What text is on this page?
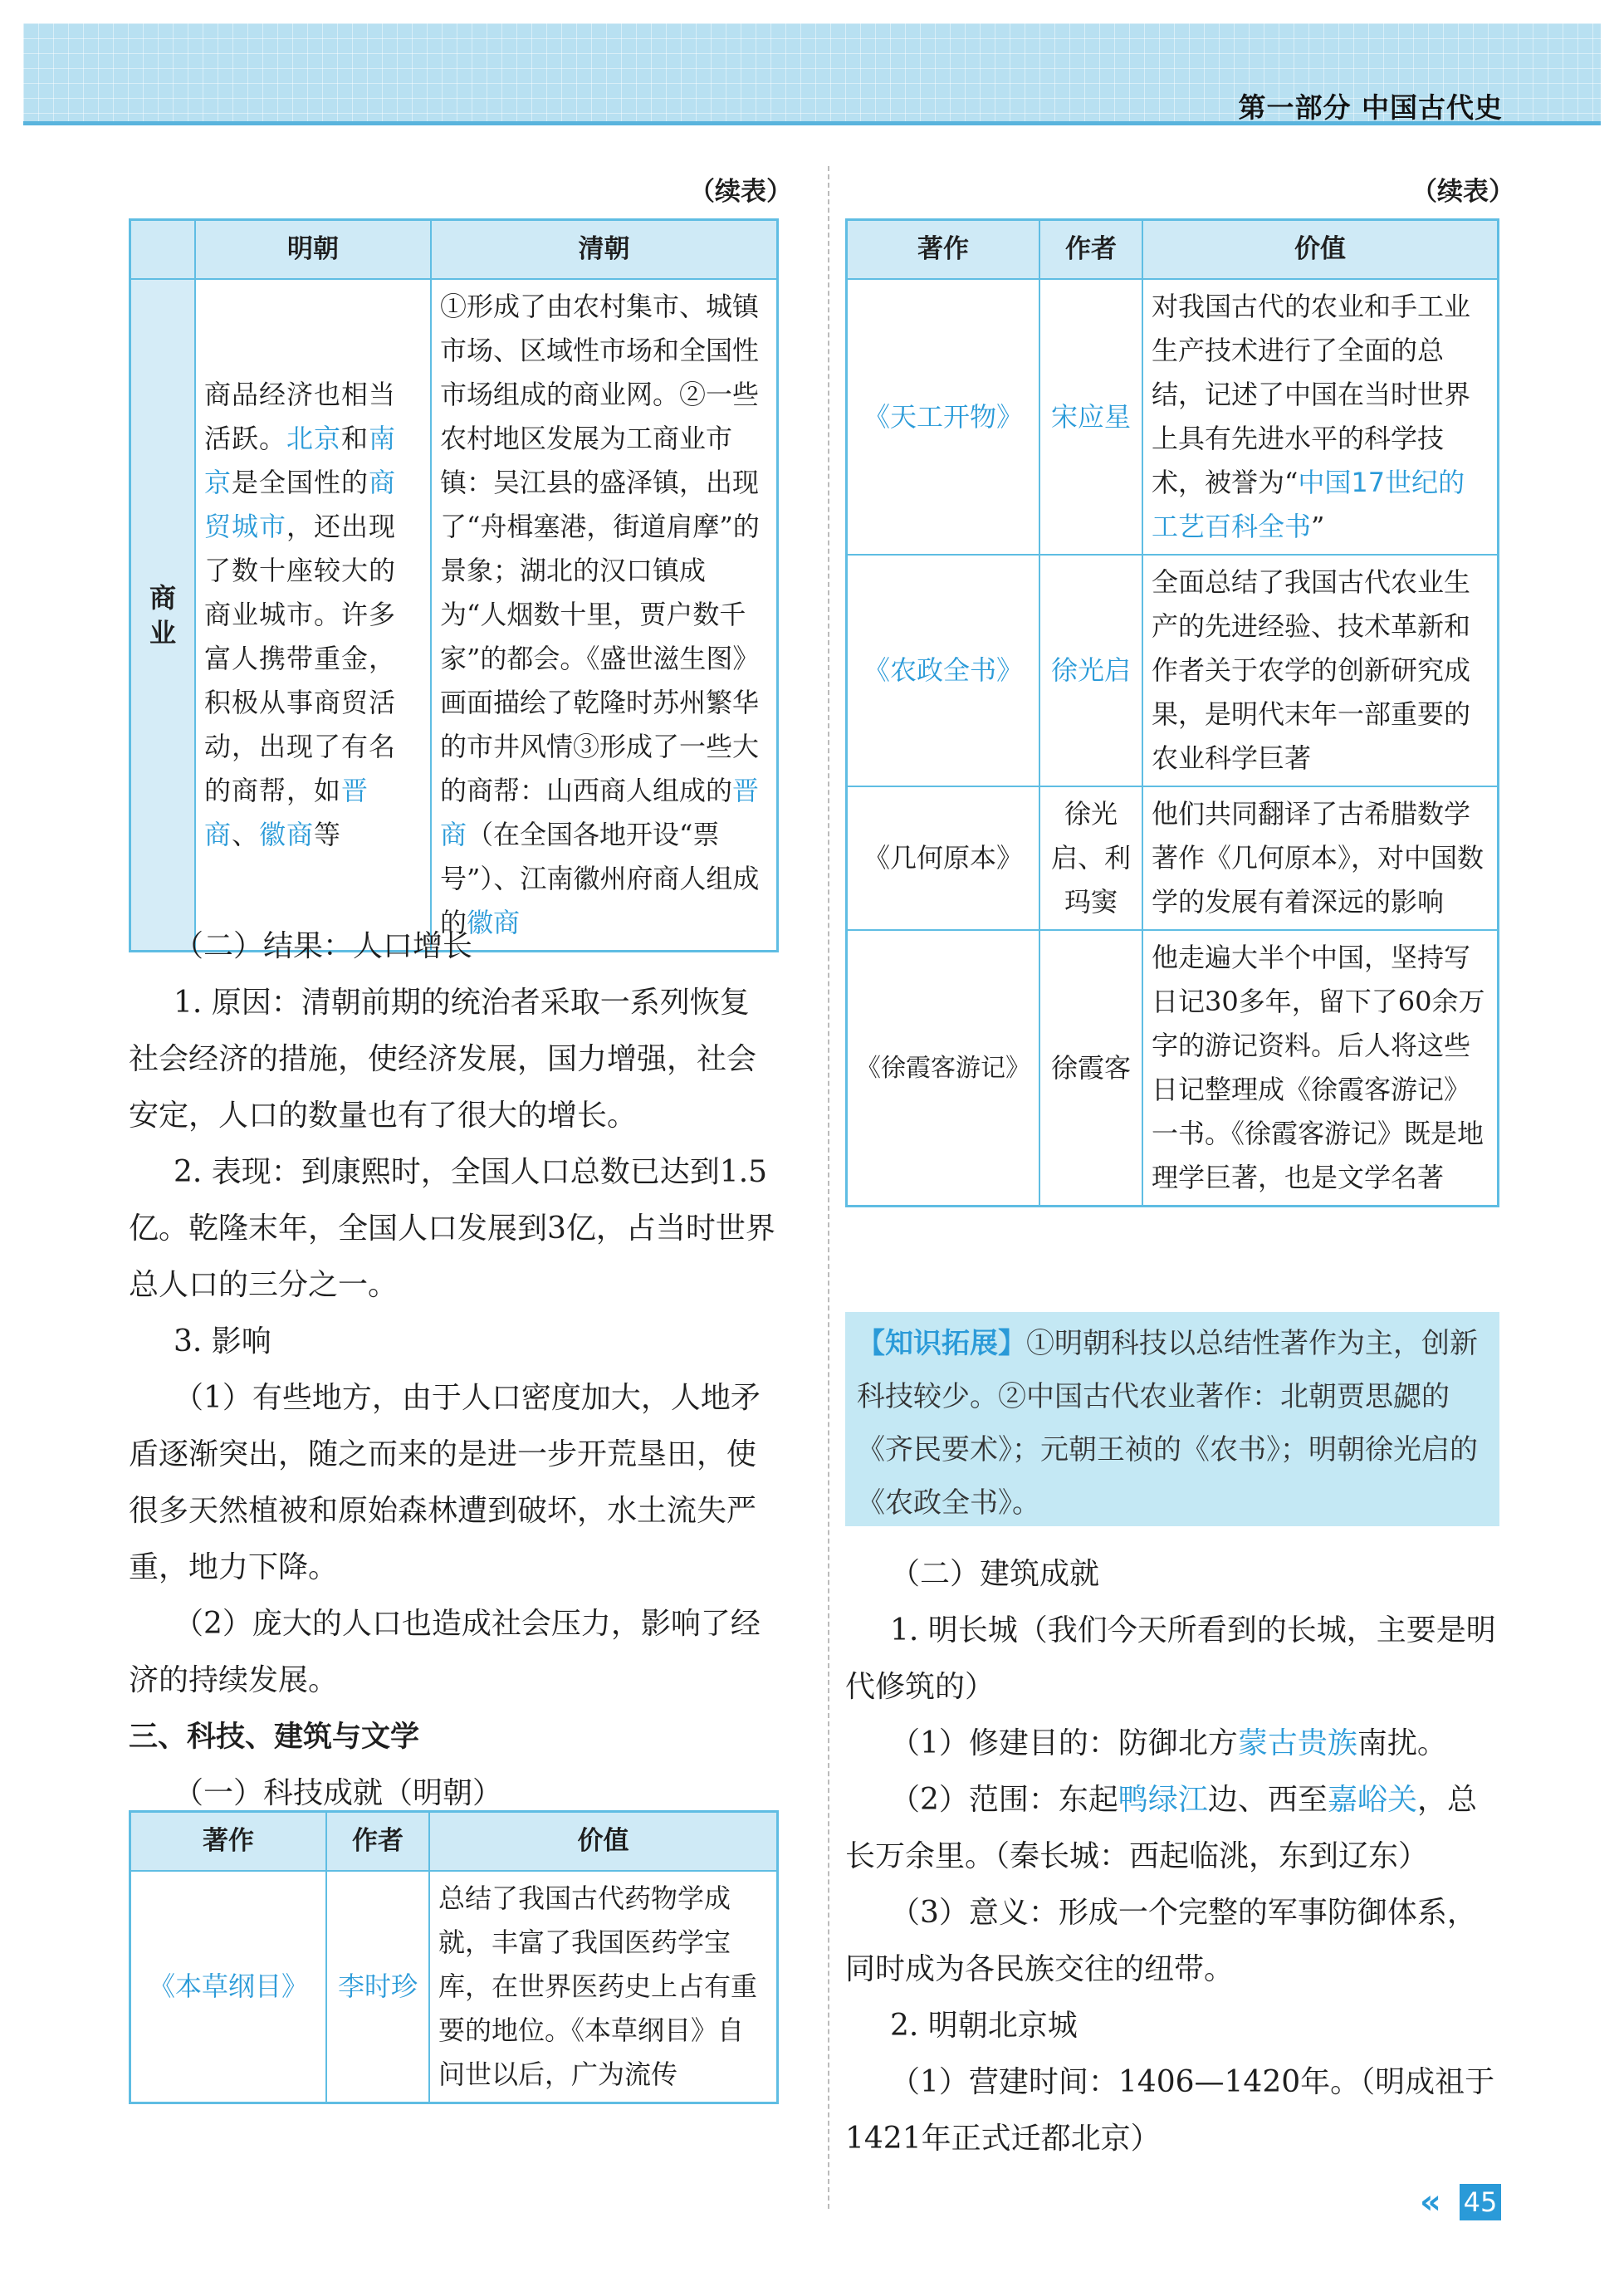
第一部分 中国古代史
（续表）
	明朝	清朝

商业	商品经济也相当活跃。北京和南京是全国性的商贸城市，还出现了数十座较大的商业城市。许多富人携带重金，积极从事商贸活动，出现了有名的商帮，如晋商、徽商等	①形成了由农村集市、城镇市场、区域性市场和全国性市场组成的商业网。②一些农村地区发展为工商业市镇：吴江县的盛泽镇，出现了“舟楫塞港，街道肩摩”的景象；湖北的汉口镇成为“人烟数十里，贾户数千家”的都会。《盛世滋生图》画面描绘了乾隆时苏州繁华的市井风情③形成了一些大的商帮：山西商人组成的晋商（在全国各地开设“票号”）、江南徽州府商人组成的徽商

（二）结果：人口增长

1. 原因：清朝前期的统治者采取一系列恢复社会经济的措施，使经济发展，国力增强，社会安定，人口的数量也有了很大的增长。

2. 表现：到康熙时，全国人口总数已达到1.5亿。乾隆末年，全国人口发展到3亿，占当时世界总人口的三分之一。

3. 影响

（1）有些地方，由于人口密度加大，人地矛盾逐渐突出，随之而来的是进一步开荒垦田，使很多天然植被和原始森林遭到破坏，水土流失严重，地力下降。

（2）庞大的人口也造成社会压力，影响了经济的持续发展。

三、科技、建筑与文学

（一）科技成就（明朝）

著作	作者	价值
《本草纲目》	李时珍	总结了我国古代药物学成就，丰富了我国医药学宝库，在世界医药史上占有重要的地位。《本草纲目》自问世以后，广为流传
（续表）
著作	作者	价值
《天工开物》	宋应星	对我国古代的农业和手工业生产技术进行了全面的总结，记述了中国在当时世界上具有先进水平的科学技术，被誉为“中国17世纪的工艺百科全书”
《农政全书》	徐光启	全面总结了我国古代农业生产的先进经验、技术革新和作者关于农学的创新研究成果，是明代末年一部重要的农业科学巨著
《几何原本》	徐光启、利玛窦	他们共同翻译了古希腊数学著作《几何原本》，对中国数学的发展有着深远的影响
《徐霞客游记》	徐霞客	他走遍大半个中国，坚持写日记30多年，留下了60余万字的游记资料。后人将这些日记整理成《徐霞客游记》一书。《徐霞客游记》既是地理学巨著，也是文学名著
【知识拓展】①明朝科技以总结性著作为主，创新科技较少。②中国古代农业著作：北朝贾思勰的《齐民要术》；元朝王祯的《农书》；明朝徐光启的《农政全书》。

（二）建筑成就

1. 明长城（我们今天所看到的长城，主要是明代修筑的）

（1）修建目的：防御北方蒙古贵族南扰。

（2）范围：东起鸭绿江边、西至嘉峪关，总长万余里。（秦长城：西起临洮，东到辽东）

（3）意义：形成一个完整的军事防御体系，同时成为各民族交往的纽带。

2. 明朝北京城

（1）营建时间：1406—1420年。（明成祖于1421年正式迁都北京）

« 45
